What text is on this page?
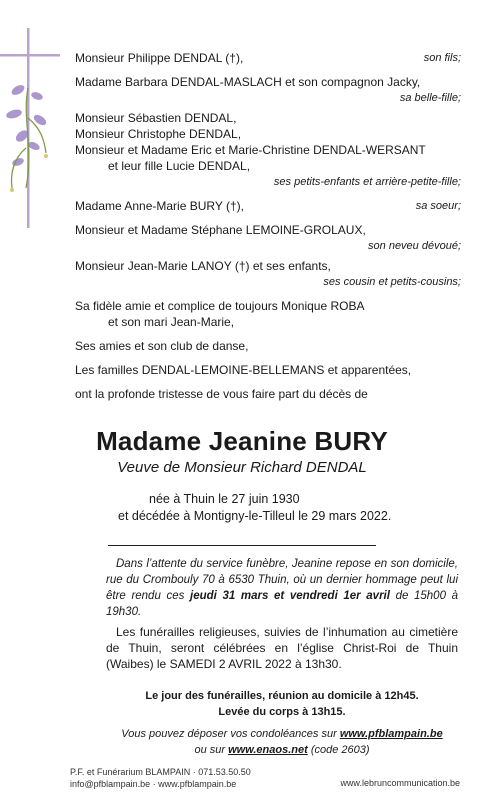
Monsieur Philippe DENDAL (†),	son fils;
Madame Barbara DENDAL-MASLACH et son compagnon Jacky,
sa belle-fille;
Monsieur Sébastien DENDAL,
Monsieur Christophe DENDAL,
Monsieur et Madame Eric et Marie-Christine DENDAL-WERSANT
et leur fille Lucie DENDAL,
ses petits-enfants et arrière-petite-fille;
Madame Anne-Marie BURY (†),	sa soeur;
Monsieur et Madame Stéphane LEMOINE-GROLAUX,
son neveu dévoué;
Monsieur Jean-Marie LANOY (†) et ses enfants,
ses cousin et petits-cousins;
Sa fidèle amie et complice de toujours Monique ROBA
et son mari Jean-Marie,
Ses amies et son club de danse,
Les familles DENDAL-LEMOINE-BELLEMANS et apparentées,
ont la profonde tristesse de vous faire part du décès de
Madame Jeanine BURY
Veuve de Monsieur Richard DENDAL
née à Thuin le 27 juin 1930
et décédée à Montigny-le-Tilleul le 29 mars 2022.
Dans l’attente du service funèbre, Jeanine repose en son domicile, rue du Crombouly 70 à 6530 Thuin, où un dernier hommage peut lui être rendu ces jeudi 31 mars et vendredi 1er avril de 15h00 à 19h30.
Les funérailles religieuses, suivies de l’inhumation au cimetière de Thuin, seront célébrées en l’église Christ-Roi de Thuin (Waibes) le SAMEDI 2 AVRIL 2022 à 13h30.
Le jour des funérailles, réunion au domicile à 12h45.
Levée du corps à 13h15.
Vous pouvez déposer vos condoléances sur www.pfblampain.be
ou sur www.enaos.net (code 2603)
P.F. et Funérarium BLAMPAIN · 071.53.50.50
info@pfblampain.be · www.pfblampain.be	www.lebruncommunication.be
